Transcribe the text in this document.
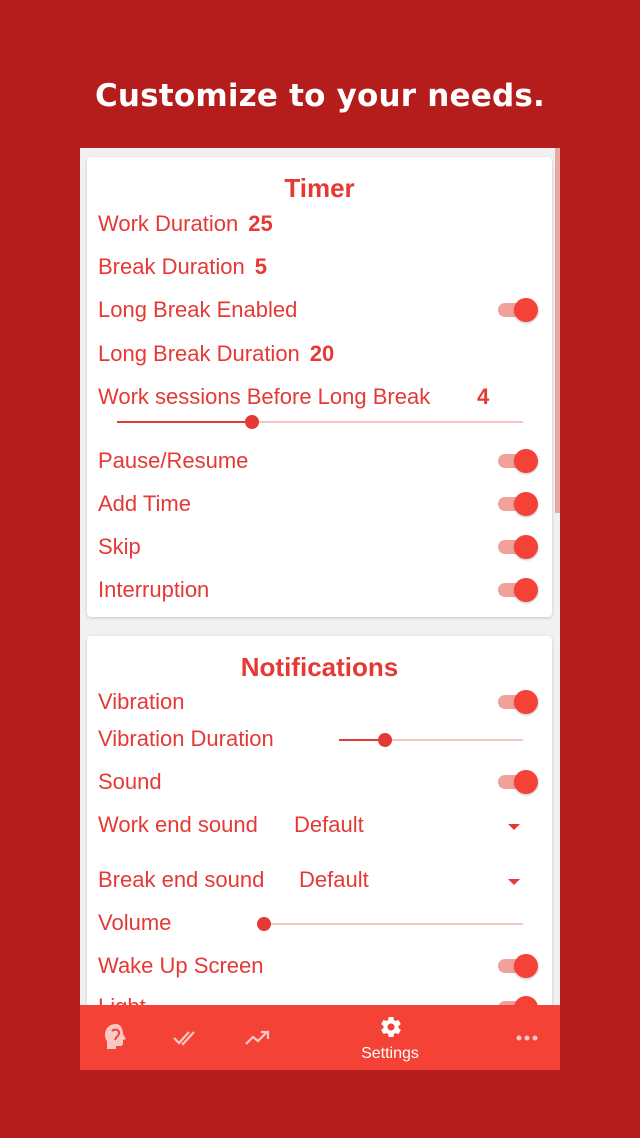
Customize to your needs.
Timer
Work Duration 25
Break Duration 5
Long Break Enabled
Long Break Duration 20
Work sessions Before Long Break 4
Pause/Resume
Add Time
Skip
Interruption
Notifications
Vibration
Vibration Duration
Sound
Work end sound Default
Break end sound Default
Volume
Wake Up Screen
Settings
